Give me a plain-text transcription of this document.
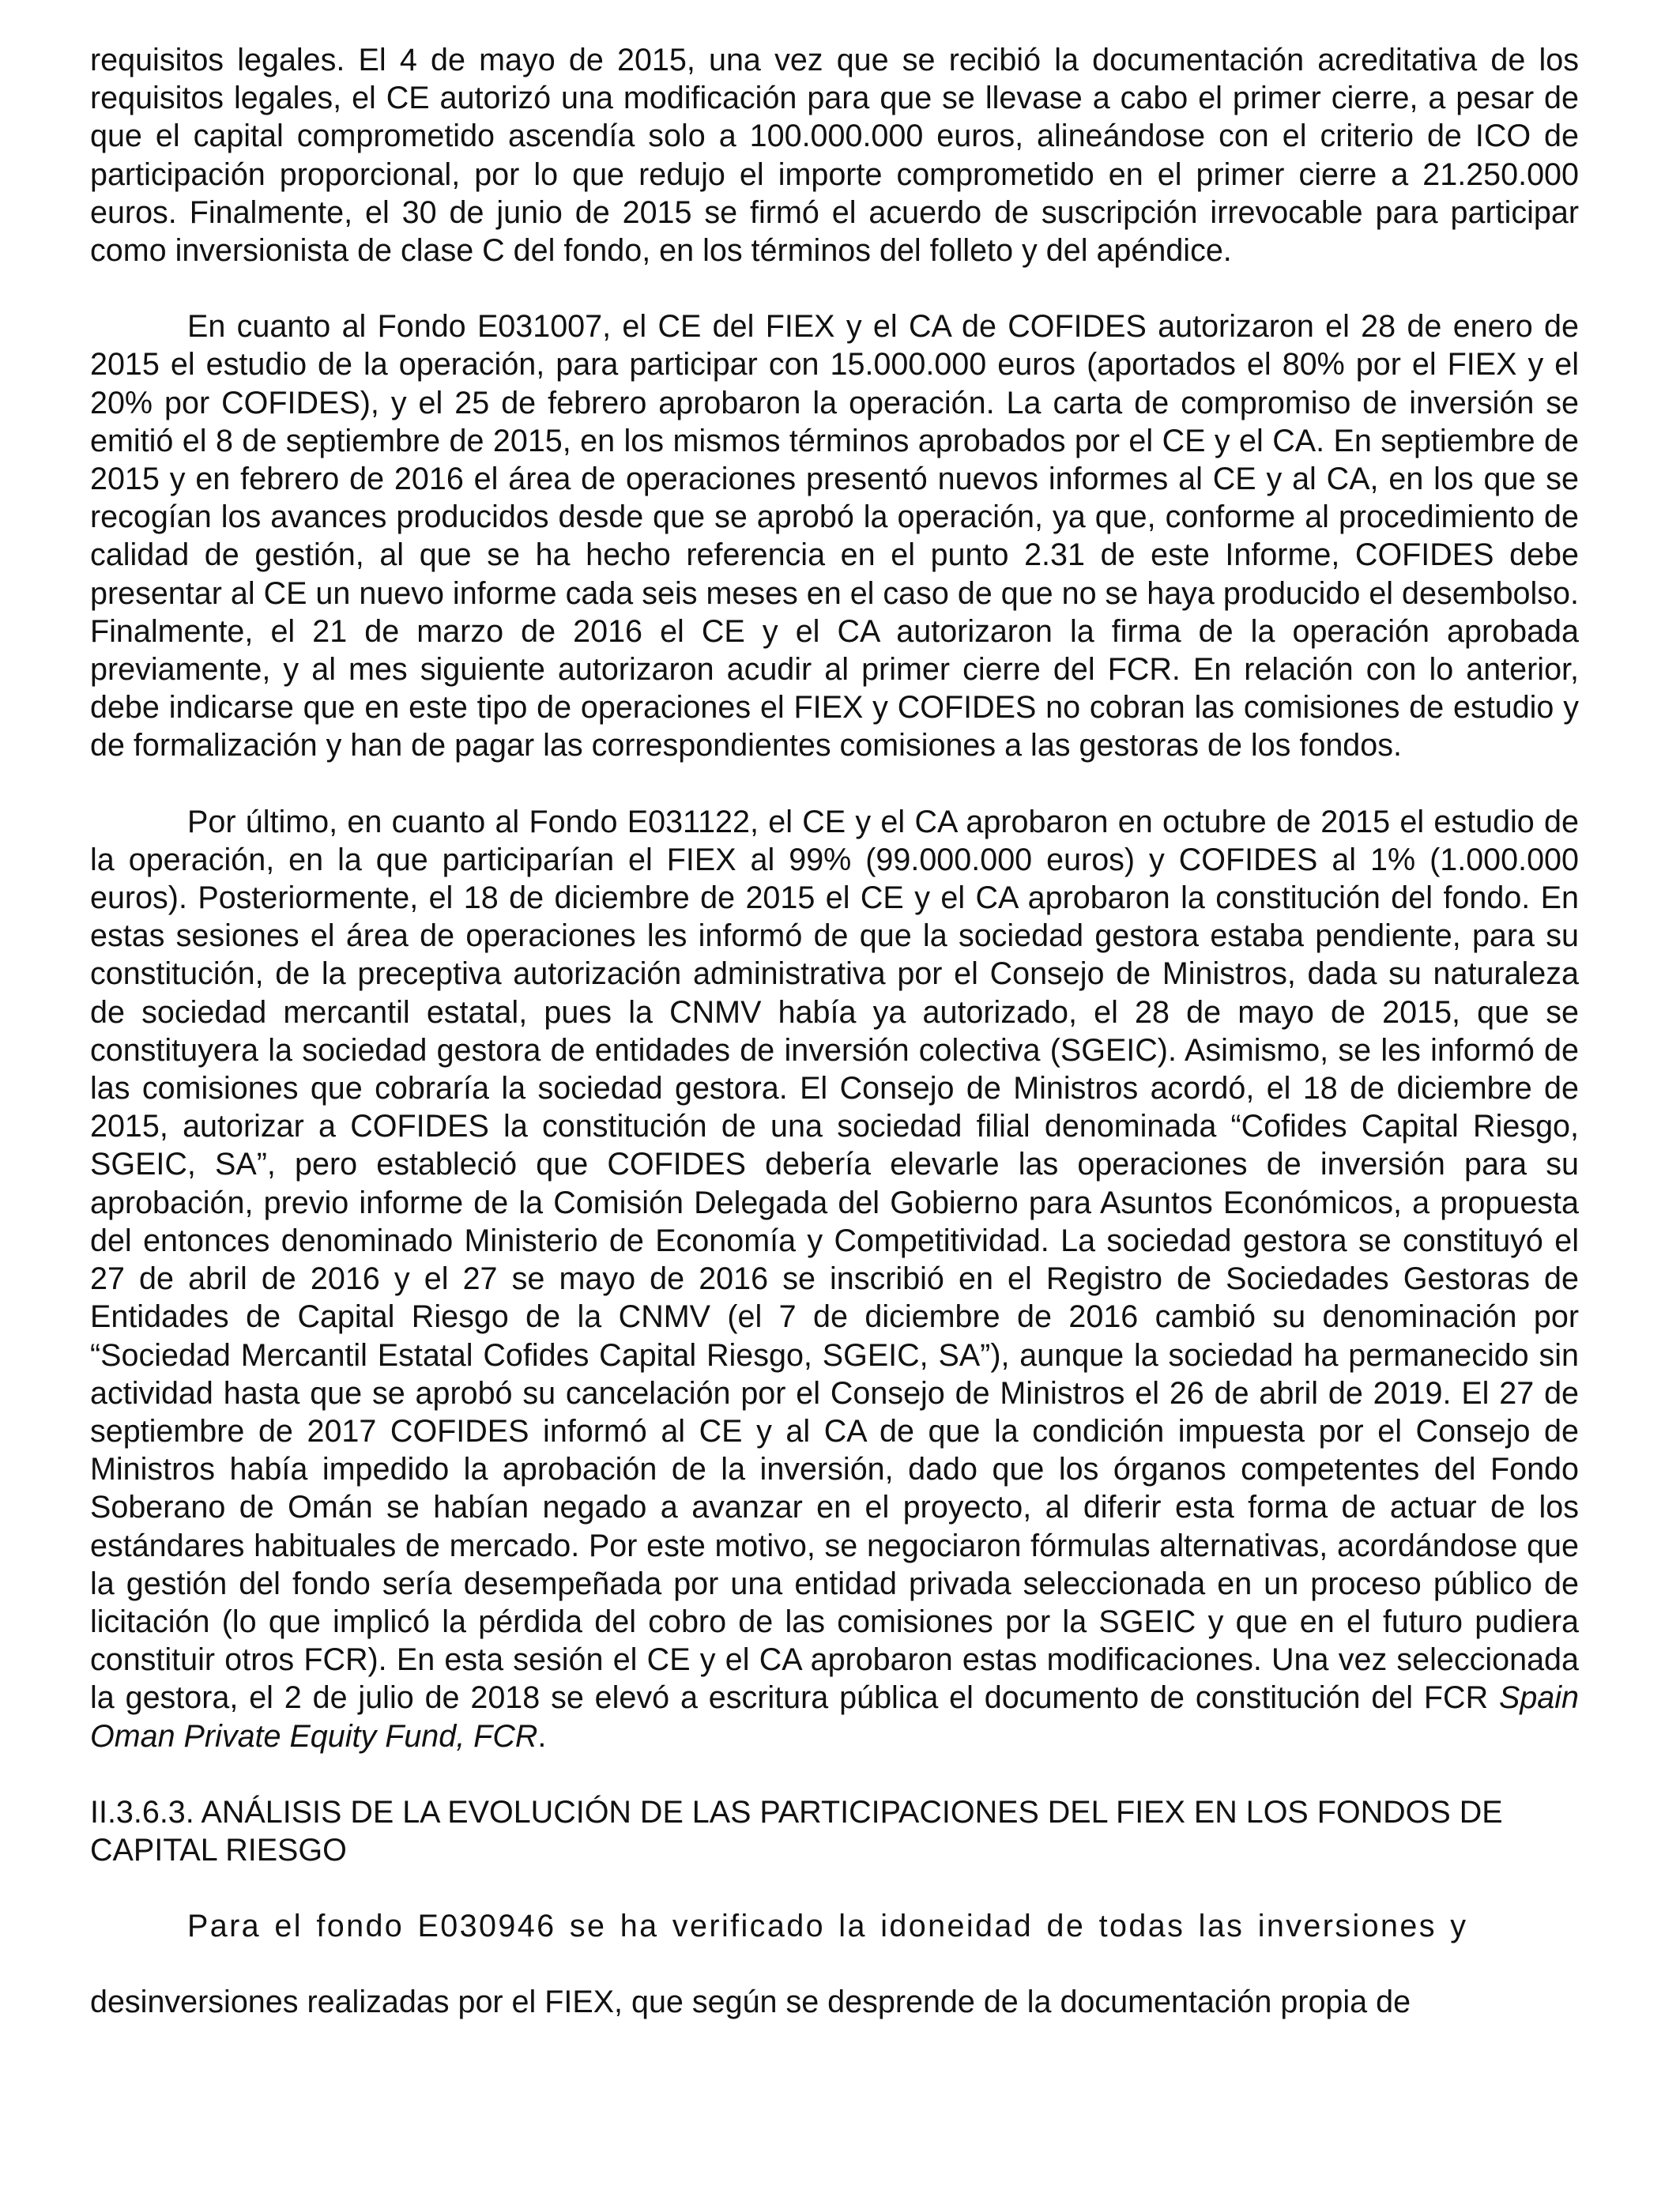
requisitos legales. El 4 de mayo de 2015, una vez que se recibió la documentación acreditativa de los requisitos legales, el CE autorizó una modificación para que se llevase a cabo el primer cierre, a pesar de que el capital comprometido ascendía solo a 100.000.000 euros, alineándose con el criterio de ICO de participación proporcional, por lo que redujo el importe comprometido en el primer cierre a 21.250.000 euros. Finalmente, el 30 de junio de 2015 se firmó el acuerdo de suscripción irrevocable para participar como inversionista de clase C del fondo, en los términos del folleto y del apéndice.

En cuanto al Fondo E031007, el CE del FIEX y el CA de COFIDES autorizaron el 28 de enero de 2015 el estudio de la operación, para participar con 15.000.000 euros (aportados el 80% por el FIEX y el 20% por COFIDES), y el 25 de febrero aprobaron la operación. La carta de compromiso de inversión se emitió el 8 de septiembre de 2015, en los mismos términos aprobados por el CE y el CA. En septiembre de 2015 y en febrero de 2016 el área de operaciones presentó nuevos informes al CE y al CA, en los que se recogían los avances producidos desde que se aprobó la operación, ya que, conforme al procedimiento de calidad de gestión, al que se ha hecho referencia en el punto 2.31 de este Informe, COFIDES debe presentar al CE un nuevo informe cada seis meses en el caso de que no se haya producido el desembolso. Finalmente, el 21 de marzo de 2016 el CE y el CA autorizaron la firma de la operación aprobada previamente, y al mes siguiente autorizaron acudir al primer cierre del FCR. En relación con lo anterior, debe indicarse que en este tipo de operaciones el FIEX y COFIDES no cobran las comisiones de estudio y de formalización y han de pagar las correspondientes comisiones a las gestoras de los fondos.

Por último, en cuanto al Fondo E031122, el CE y el CA aprobaron en octubre de 2015 el estudio de la operación, en la que participarían el FIEX al 99% (99.000.000 euros) y COFIDES al 1% (1.000.000 euros). Posteriormente, el 18 de diciembre de 2015 el CE y el CA aprobaron la constitución del fondo. En estas sesiones el área de operaciones les informó de que la sociedad gestora estaba pendiente, para su constitución, de la preceptiva autorización administrativa por el Consejo de Ministros, dada su naturaleza de sociedad mercantil estatal, pues la CNMV había ya autorizado, el 28 de mayo de 2015, que se constituyera la sociedad gestora de entidades de inversión colectiva (SGEIC). Asimismo, se les informó de las comisiones que cobraría la sociedad gestora. El Consejo de Ministros acordó, el 18 de diciembre de 2015, autorizar a COFIDES la constitución de una sociedad filial denominada “Cofides Capital Riesgo, SGEIC, SA”, pero estableció que COFIDES debería elevarle las operaciones de inversión para su aprobación, previo informe de la Comisión Delegada del Gobierno para Asuntos Económicos, a propuesta del entonces denominado Ministerio de Economía y Competitividad. La sociedad gestora se constituyó el 27 de abril de 2016 y el 27 se mayo de 2016 se inscribió en el Registro de Sociedades Gestoras de Entidades de Capital Riesgo de la CNMV (el 7 de diciembre de 2016 cambió su denominación por “Sociedad Mercantil Estatal Cofides Capital Riesgo, SGEIC, SA”), aunque la sociedad ha permanecido sin actividad hasta que se aprobó su cancelación por el Consejo de Ministros el 26 de abril de 2019. El 27 de septiembre de 2017 COFIDES informó al CE y al CA de que la condición impuesta por el Consejo de Ministros había impedido la aprobación de la inversión, dado que los órganos competentes del Fondo Soberano de Omán se habían negado a avanzar en el proyecto, al diferir esta forma de actuar de los estándares habituales de mercado. Por este motivo, se negociaron fórmulas alternativas, acordándose que la gestión del fondo sería desempeñada por una entidad privada seleccionada en un proceso público de licitación (lo que implicó la pérdida del cobro de las comisiones por la SGEIC y que en el futuro pudiera constituir otros FCR). En esta sesión el CE y el CA aprobaron estas modificaciones. Una vez seleccionada la gestora, el 2 de julio de 2018 se elevó a escritura pública el documento de constitución del FCR Spain Oman Private Equity Fund, FCR.

II.3.6.3. ANÁLISIS DE LA EVOLUCIÓN DE LAS PARTICIPACIONES DEL FIEX EN LOS FONDOS DE CAPITAL RIESGO

Para el fondo E030946 se ha verificado la idoneidad de todas las inversiones y

desinversiones realizadas por el FIEX, que según se desprende de la documentación propia de
